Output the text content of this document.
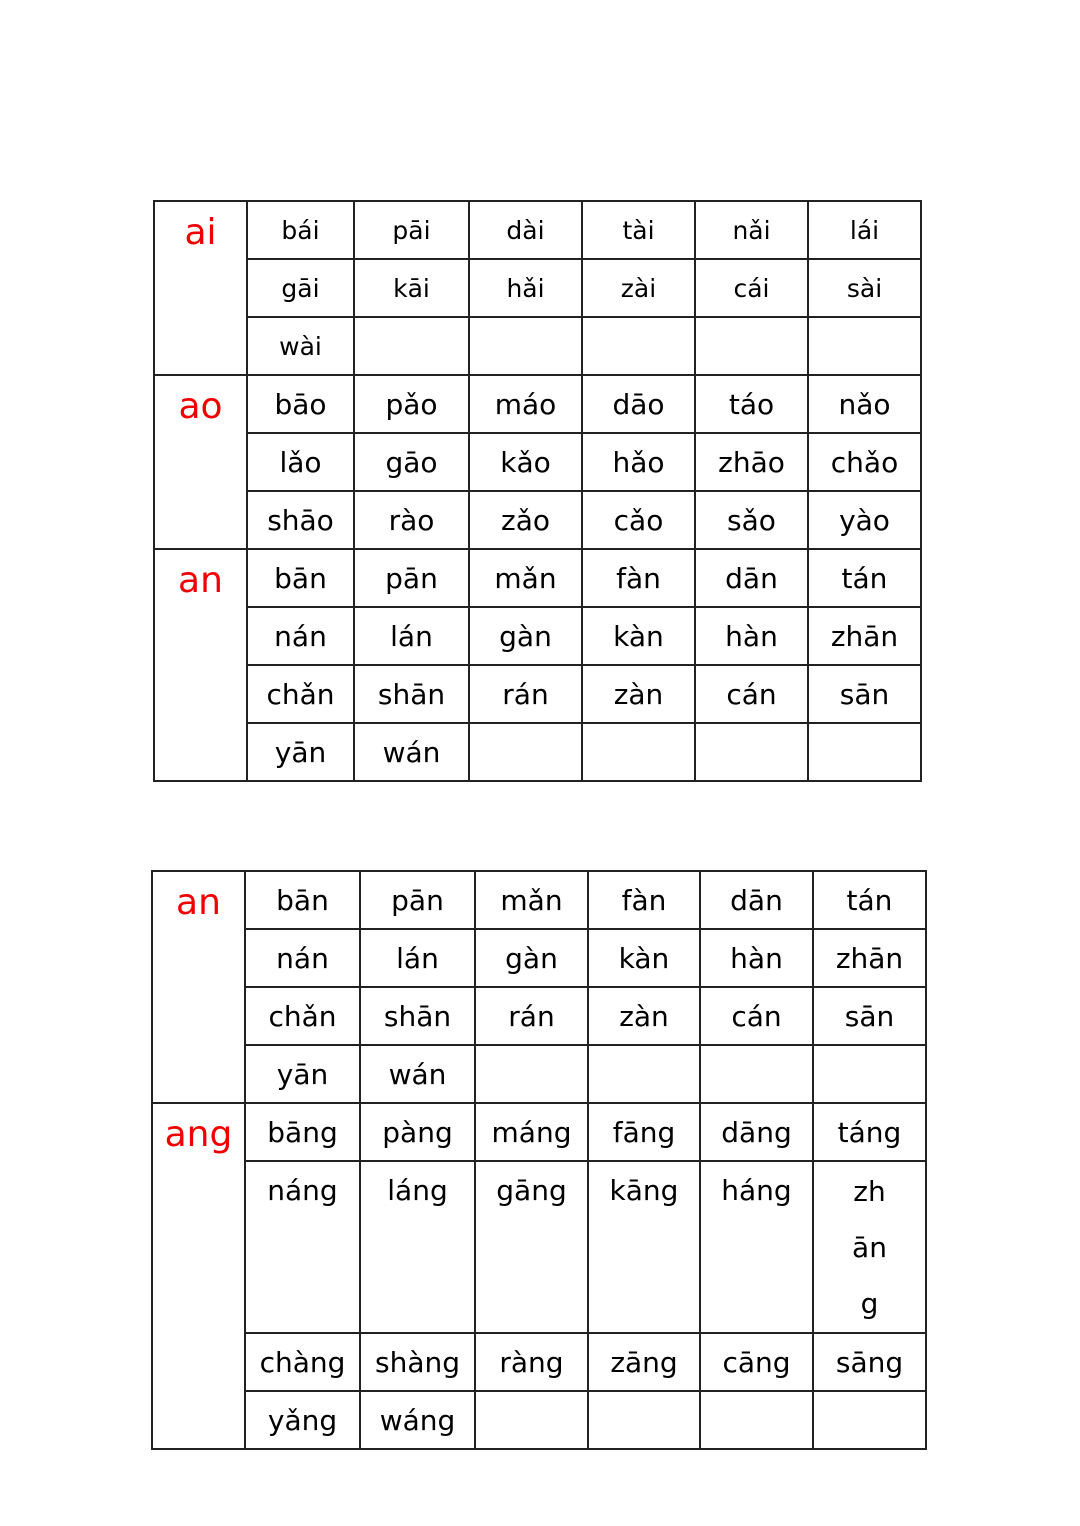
ai	bái	pāi	dài	tài	nǎi	lái
	gāi	kāi	hǎi	zài	cái	sài
	wài					
ao	bāo	pǎo	máo	dāo	táo	nǎo
	lǎo	gāo	kǎo	hǎo	zhāo	chǎo
	shāo	rào	zǎo	cǎo	sǎo	yào
an	bān	pān	mǎn	fàn	dān	tán
	nán	lán	gàn	kàn	hàn	zhān
	chǎn	shān	rán	zàn	cán	sān
	yān	wán				
an	bān	pān	mǎn	fàn	dān	tán
	nán	lán	gàn	kàn	hàn	zhān
	chǎn	shān	rán	zàn	cán	sān
	yān	wán				
ang	bāng	pàng	máng	fāng	dāng	táng
	náng	láng	gāng	kāng	háng	zhāng
	chàng	shàng	ràng	zāng	cāng	sāng
	yǎng	wáng				
